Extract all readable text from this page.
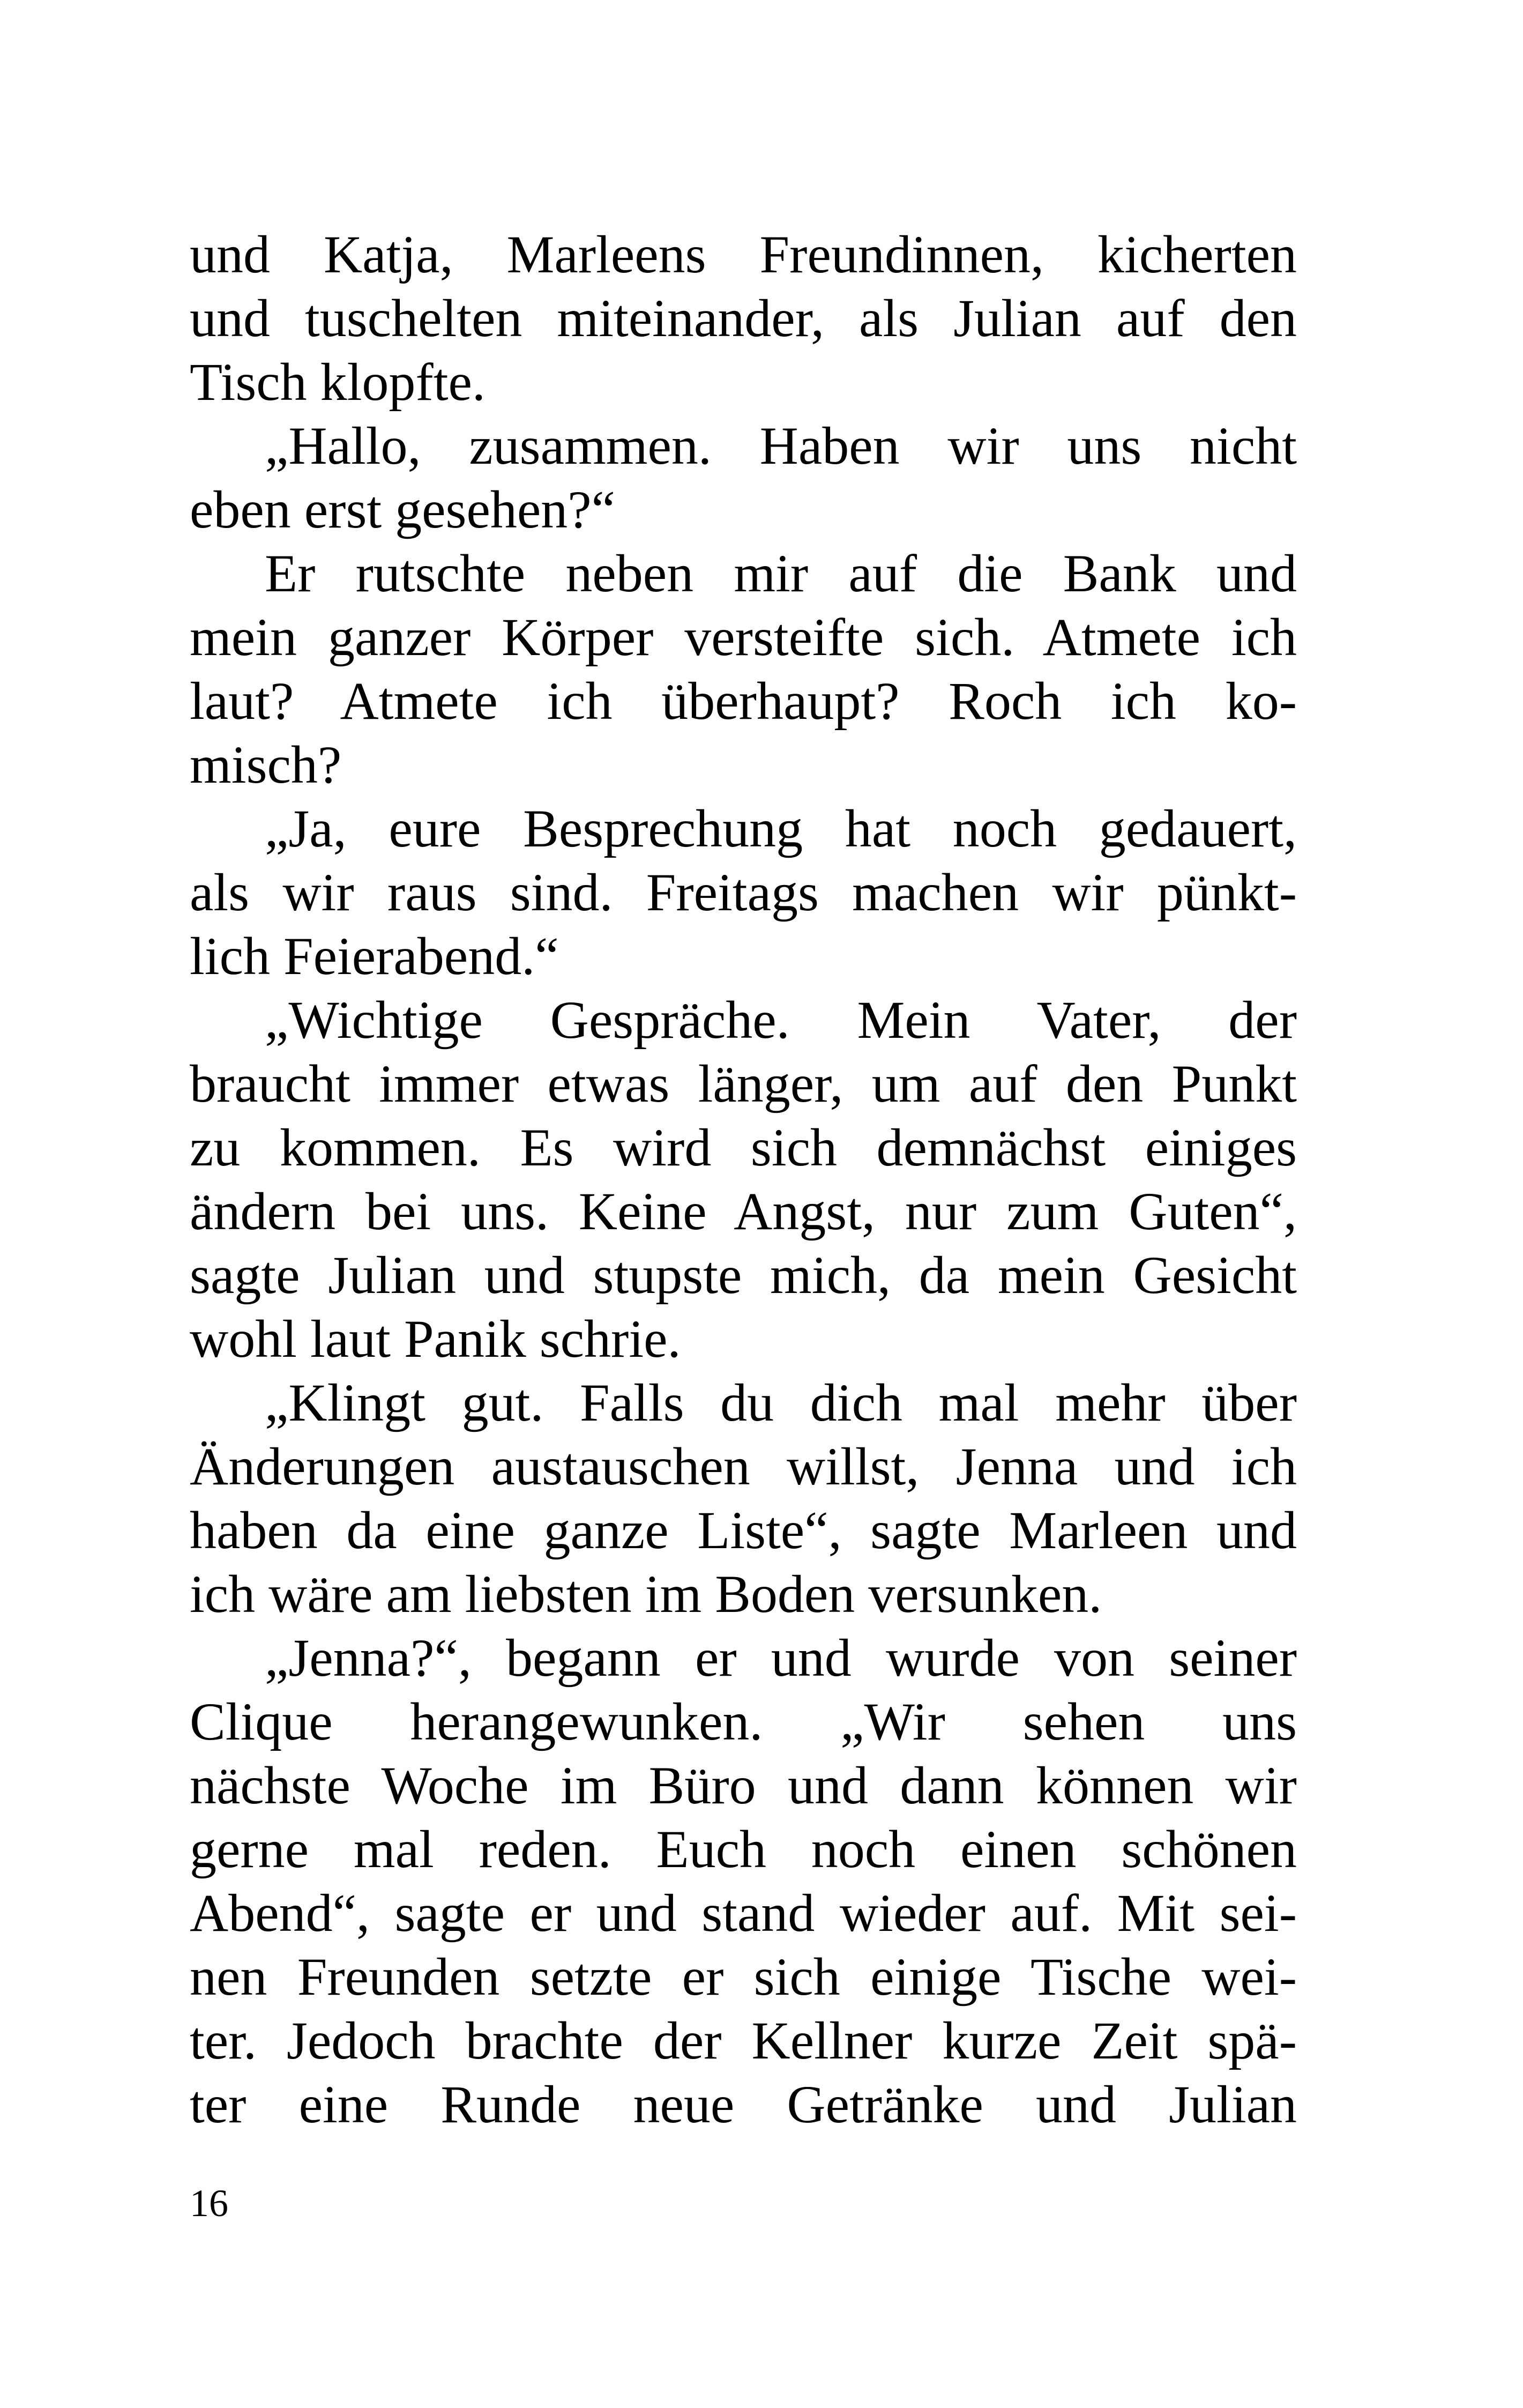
und Katja, Marleens Freundinnen, kicherten
und tuschelten miteinander, als Julian auf den
Tisch klopfte.
„Hallo, zusammen. Haben wir uns nicht
eben erst gesehen?“
Er rutschte neben mir auf die Bank und
mein ganzer Körper versteifte sich. Atmete ich
laut? Atmete ich überhaupt? Roch ich ko-
misch?
„Ja, eure Besprechung hat noch gedauert,
als wir raus sind. Freitags machen wir pünkt-
lich Feierabend.“
„Wichtige Gespräche. Mein Vater, der
braucht immer etwas länger, um auf den Punkt
zu kommen. Es wird sich demnächst einiges
ändern bei uns. Keine Angst, nur zum Guten“,
sagte Julian und stupste mich, da mein Gesicht
wohl laut Panik schrie.
„Klingt gut. Falls du dich mal mehr über
Änderungen austauschen willst, Jenna und ich
haben da eine ganze Liste“, sagte Marleen und
ich wäre am liebsten im Boden versunken.
„Jenna?“, begann er und wurde von seiner
Clique herangewunken. „Wir sehen uns
nächste Woche im Büro und dann können wir
gerne mal reden. Euch noch einen schönen
Abend“, sagte er und stand wieder auf. Mit sei-
nen Freunden setzte er sich einige Tische wei-
ter. Jedoch brachte der Kellner kurze Zeit spä-
ter eine Runde neue Getränke und Julian
16
